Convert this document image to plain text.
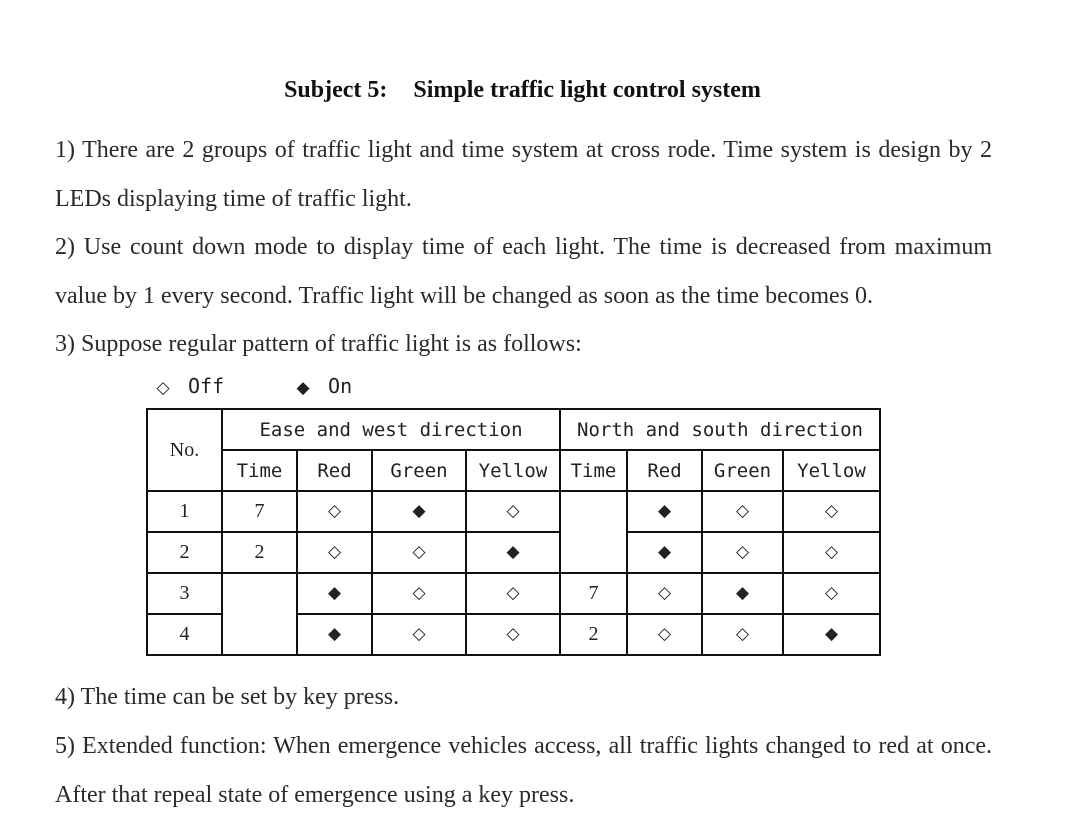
Subject 5: Simple traffic light control system
1) There are 2 groups of traffic light and time system at cross rode. Time system is design by 2 LEDs displaying time of traffic light.
2) Use count down mode to display time of each light. The time is decreased from maximum value by 1 every second. Traffic light will be changed as soon as the time becomes 0.
3) Suppose regular pattern of traffic light is as follows:
◇ Off	◆ On
No.	Ease and west direction				North and south direction			
	Time	Red	Green	Yellow	Time	Red	Green	Yellow
1	7	◇	◆	◇		◆	◇	◇
2	2	◇	◇	◆		◆	◇	◇
3		◆	◇	◇	7	◇	◆	◇
4		◆	◇	◇	2	◇	◇	◆
4) The time can be set by key press.
5) Extended function: When emergence vehicles access, all traffic lights changed to red at once. After that repeal state of emergence using a key press.
